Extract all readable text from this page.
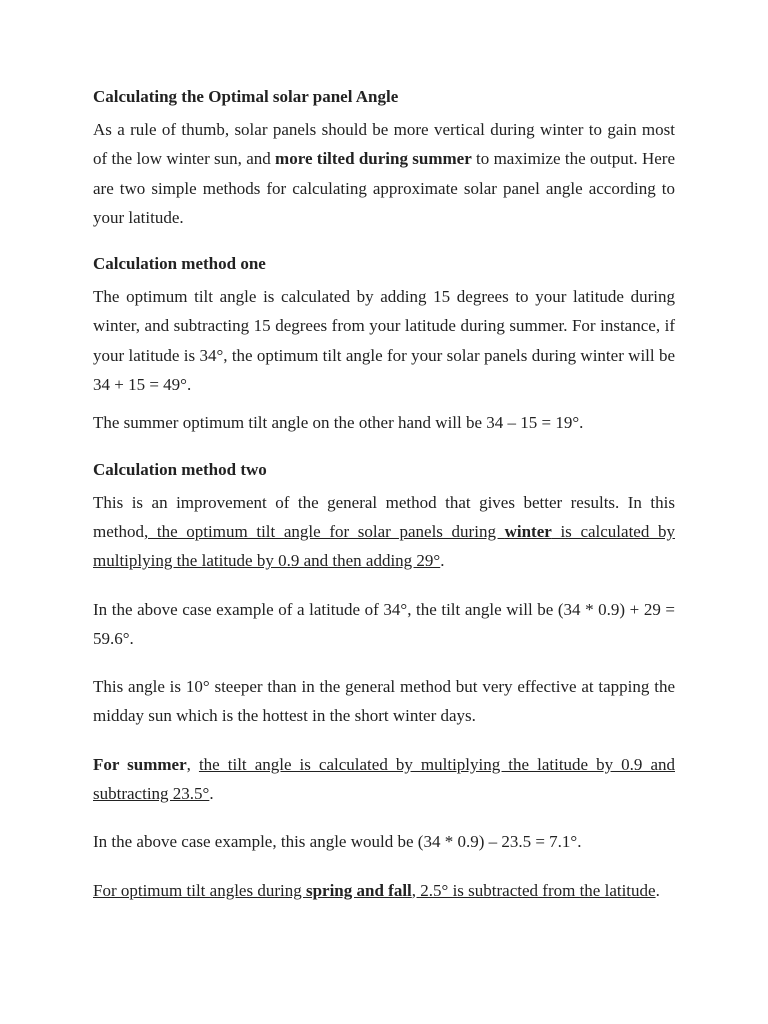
Calculating the Optimal solar panel Angle

As a rule of thumb, solar panels should be more vertical during winter to gain most of the low winter sun, and more tilted during summer to maximize the output. Here are two simple methods for calculating approximate solar panel angle according to your latitude.

Calculation method one

The optimum tilt angle is calculated by adding 15 degrees to your latitude during winter, and subtracting 15 degrees from your latitude during summer. For instance, if your latitude is 34°, the optimum tilt angle for your solar panels during winter will be 34 + 15 = 49°.

The summer optimum tilt angle on the other hand will be 34 – 15 = 19°.

Calculation method two

This is an improvement of the general method that gives better results. In this method, the optimum tilt angle for solar panels during winter is calculated by multiplying the latitude by 0.9 and then adding 29°.

In the above case example of a latitude of 34°, the tilt angle will be (34 * 0.9) + 29 = 59.6°.

This angle is 10° steeper than in the general method but very effective at tapping the midday sun which is the hottest in the short winter days.

For summer, the tilt angle is calculated by multiplying the latitude by 0.9 and subtracting 23.5°.

In the above case example, this angle would be (34 * 0.9) – 23.5 = 7.1°.

For optimum tilt angles during spring and fall, 2.5° is subtracted from the latitude.
